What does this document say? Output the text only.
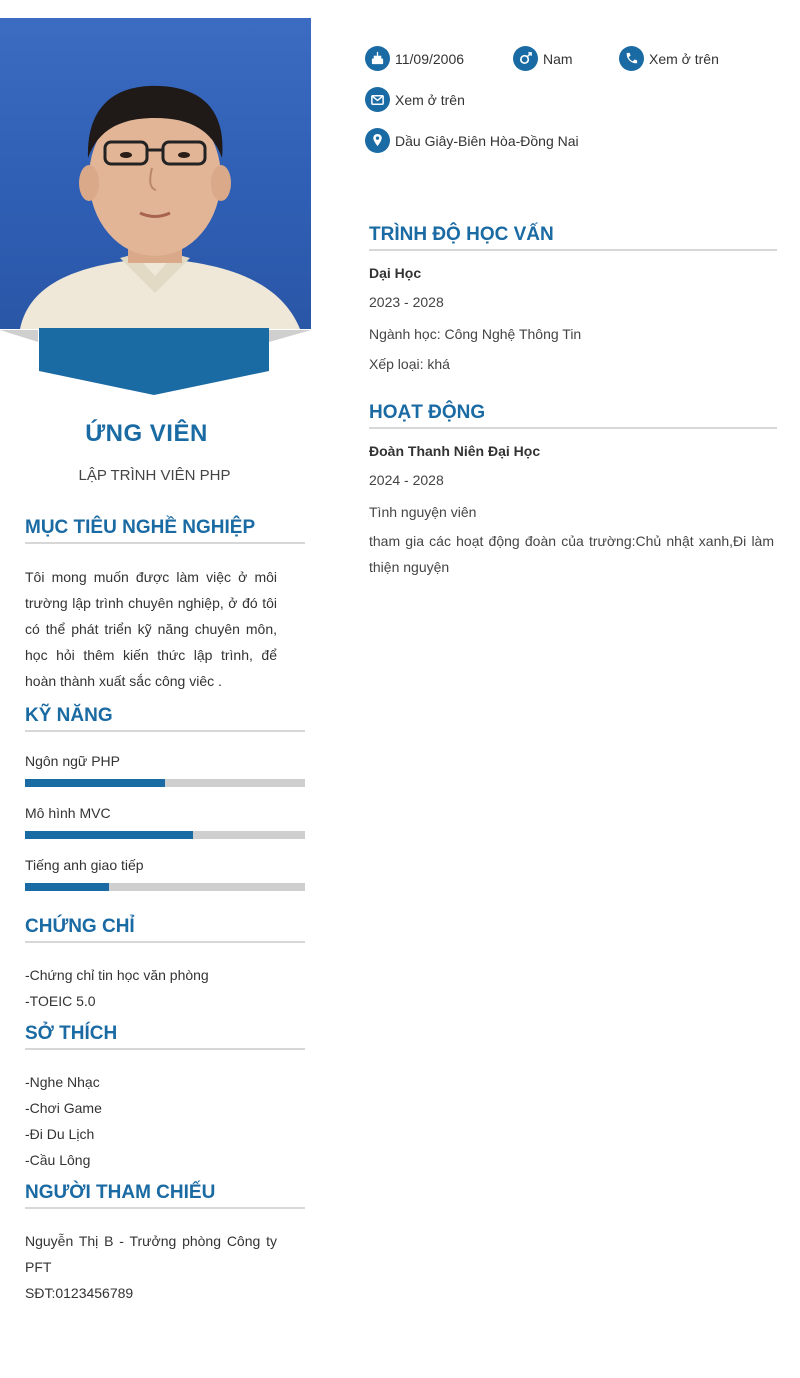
ỨNG VIÊN
LẬP TRÌNH VIÊN PHP
MỤC TIÊU NGHỀ NGHIỆP

Tôi mong muốn được làm việc ở môi trường lập trình chuyên nghiệp, ở đó tôi có thể phát triển kỹ năng chuyên môn, học hỏi thêm kiến thức lập trình, để hoàn thành xuất sắc công viêc .

KỸ NĂNG
Ngôn ngữ PHP
Mô hình MVC
Tiếng anh giao tiếp
CHỨNG CHỈ
-Chứng chỉ tin học văn phòng
-TOEIC 5.0
SỞ THÍCH
-Nghe Nhạc
-Chơi Game
-Đi Du Lịch
-Cầu Lông
NGƯỜI THAM CHIẾU
Nguyễn Thị B - Trưởng phòng Công ty PFT
SĐT:0123456789
11/09/2006	Nam	Xem ở trên
Xem ở trên
Dầu Giây-Biên Hòa-Đồng Nai
TRÌNH ĐỘ HỌC VẤN
Dại Học
2023 - 2028
Ngành học: Công Nghệ Thông Tin
Xếp loại: khá
HOẠT ĐỘNG
Đoàn Thanh Niên Đại Học
2024 - 2028
Tình nguyện viên
tham gia các hoạt động đoàn của trường:Chủ nhật xanh,Đi làm thiện nguyện
